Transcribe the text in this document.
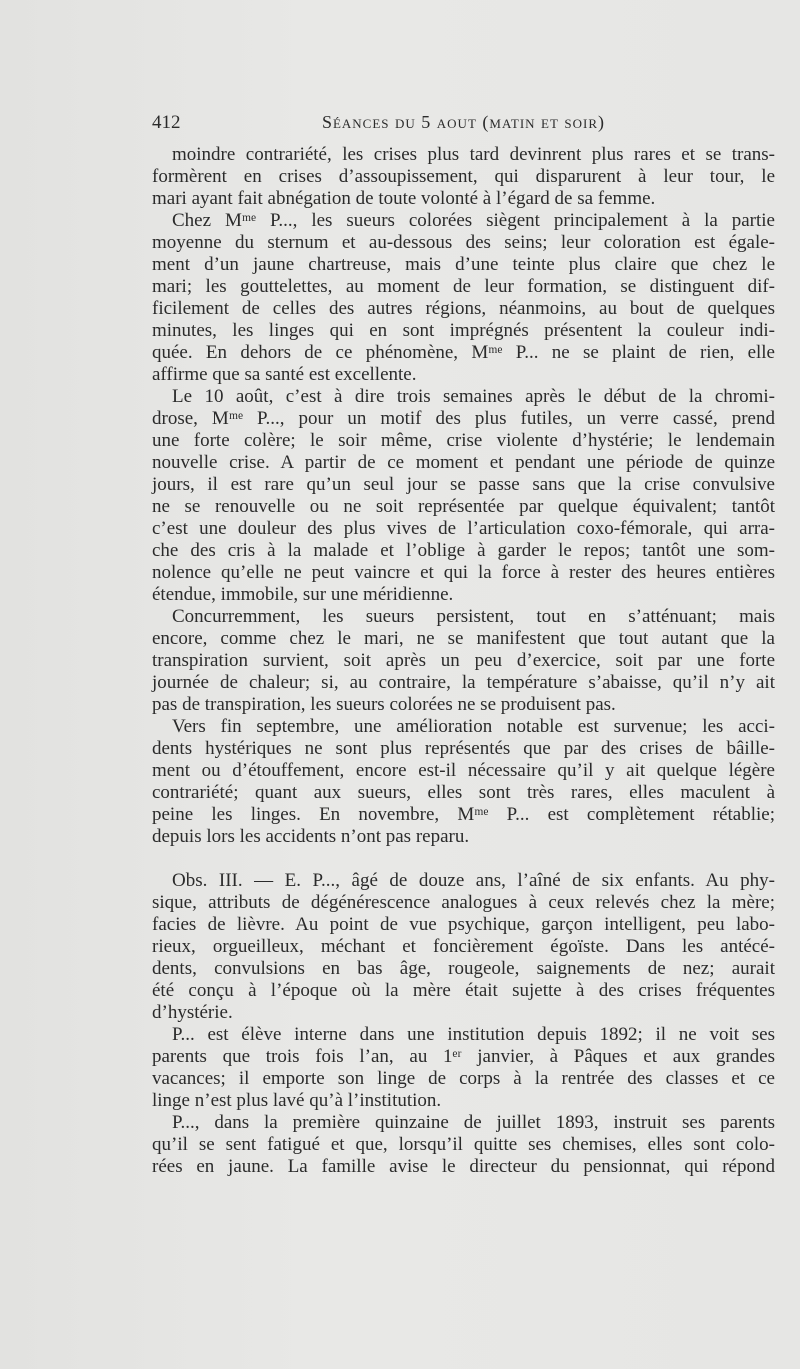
412	Séances du 5 aout (matin et soir)
moindre contrariété, les crises plus tard devinrent plus rares et se trans-
formèrent en crises d’assoupissement, qui disparurent à leur tour, le
mari ayant fait abnégation de toute volonté à l’égard de sa femme.
Chez Mᵐᵉ P..., les sueurs colorées siègent principalement à la partie
moyenne du sternum et au-dessous des seins; leur coloration est égale-
ment d’un jaune chartreuse, mais d’une teinte plus claire que chez le
mari; les gouttelettes, au moment de leur formation, se distinguent dif-
ficilement de celles des autres régions, néanmoins, au bout de quelques
minutes, les linges qui en sont imprégnés présentent la couleur indi-
quée. En dehors de ce phénomène, Mᵐᵉ P... ne se plaint de rien, elle
affirme que sa santé est excellente.
Le 10 août, c’est à dire trois semaines après le début de la chromi-
drose, Mᵐᵉ P..., pour un motif des plus futiles, un verre cassé, prend
une forte colère; le soir même, crise violente d’hystérie; le lendemain
nouvelle crise. A partir de ce moment et pendant une période de quinze
jours, il est rare qu’un seul jour se passe sans que la crise convulsive
ne se renouvelle ou ne soit représentée par quelque équivalent; tantôt
c’est une douleur des plus vives de l’articulation coxo-fémorale, qui arra-
che des cris à la malade et l’oblige à garder le repos; tantôt une som-
nolence qu’elle ne peut vaincre et qui la force à rester des heures entières
étendue, immobile, sur une méridienne.
Concurremment, les sueurs persistent, tout en s’atténuant; mais
encore, comme chez le mari, ne se manifestent que tout autant que la
transpiration survient, soit après un peu d’exercice, soit par une forte
journée de chaleur; si, au contraire, la température s’abaisse, qu’il n’y ait
pas de transpiration, les sueurs colorées ne se produisent pas.
Vers fin septembre, une amélioration notable est survenue; les acci-
dents hystériques ne sont plus représentés que par des crises de bâille-
ment ou d’étouffement, encore est-il nécessaire qu’il y ait quelque légère
contrariété; quant aux sueurs, elles sont très rares, elles maculent à
peine les linges. En novembre, Mᵐᵉ P... est complètement rétablie;
depuis lors les accidents n’ont pas reparu.
Obs. III. — E. P..., âgé de douze ans, l’aîné de six enfants. Au phy-
sique, attributs de dégénérescence analogues à ceux relevés chez la mère;
facies de lièvre. Au point de vue psychique, garçon intelligent, peu labo-
rieux, orgueilleux, méchant et foncièrement égoïste. Dans les antécé-
dents, convulsions en bas âge, rougeole, saignements de nez; aurait
été conçu à l’époque où la mère était sujette à des crises fréquentes
d’hystérie.
P... est élève interne dans une institution depuis 1892; il ne voit ses
parents que trois fois l’an, au 1ᵉʳ janvier, à Pâques et aux grandes
vacances; il emporte son linge de corps à la rentrée des classes et ce
linge n’est plus lavé qu’à l’institution.
P..., dans la première quinzaine de juillet 1893, instruit ses parents
qu’il se sent fatigué et que, lorsqu’il quitte ses chemises, elles sont colo-
rées en jaune. La famille avise le directeur du pensionnat, qui répond
